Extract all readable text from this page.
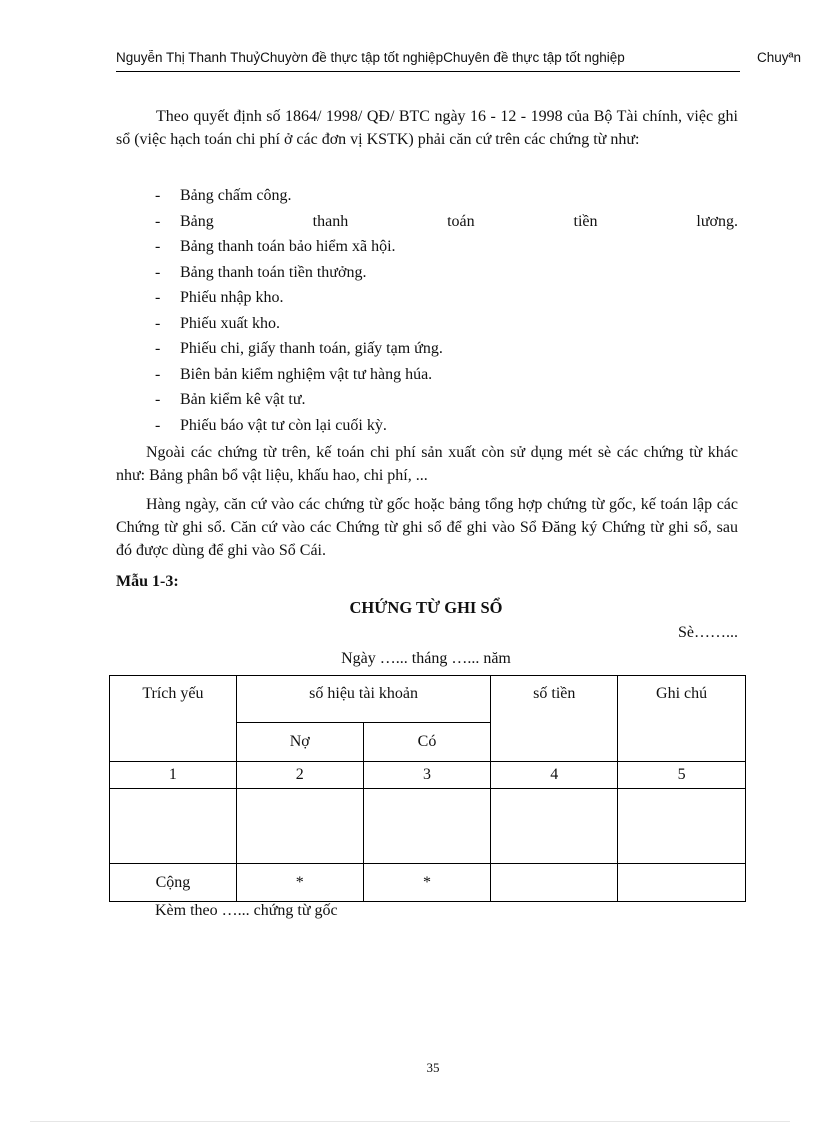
Nguyễn Thị Thanh ThuỷChuyờn đề thực tập tốt nghiệpChuyên đề thực tập tốt nghiệp	Chuyªn

Theo quyết định số 1864/ 1998/ QĐ/ BTC ngày 16 - 12 - 1998 của Bộ Tài chính, việc ghi sổ (việc hạch toán chi phí ở các đơn vị KSTK) phải căn cứ trên các chứng từ như:

- Bảng chấm công.
- Bảng	thanh	toán	tiền	lương.
- Bảng thanh toán bảo hiểm xã hội.
- Bảng thanh toán tiền thưởng.
- Phiếu nhập kho.
- Phiếu xuất kho.
- Phiếu chi, giấy thanh toán, giấy tạm ứng.
- Biên bản kiểm nghiệm vật tư hàng húa.
- Bản kiểm kê vật tư.
- Phiếu báo vật tư còn lại cuối kỳ.

Ngoài các chứng từ trên, kế toán chi phí sản xuất còn sử dụng mét sè các chứng từ khác như: Bảng phân bổ vật liệu, khấu hao, chi phí, ...

Hàng ngày, căn cứ vào các chứng từ gốc hoặc bảng tổng hợp chứng từ gốc, kế toán lập các Chứng từ ghi sổ. Căn cứ vào các Chứng từ ghi sổ để ghi vào Sổ Đăng ký Chứng từ ghi sổ, sau đó được dùng để ghi vào Sổ Cái.

Mẫu 1-3:
CHỨNG TỪ GHI SỔ
Sè……...
Ngày …... tháng …... năm
Trích yếu	số hiệu tài khoản		số tiền	Ghi chú
	Nợ	Có		
1	2	3	4	5

Cộng	*	*		
Kèm theo …... chứng từ gốc
35
